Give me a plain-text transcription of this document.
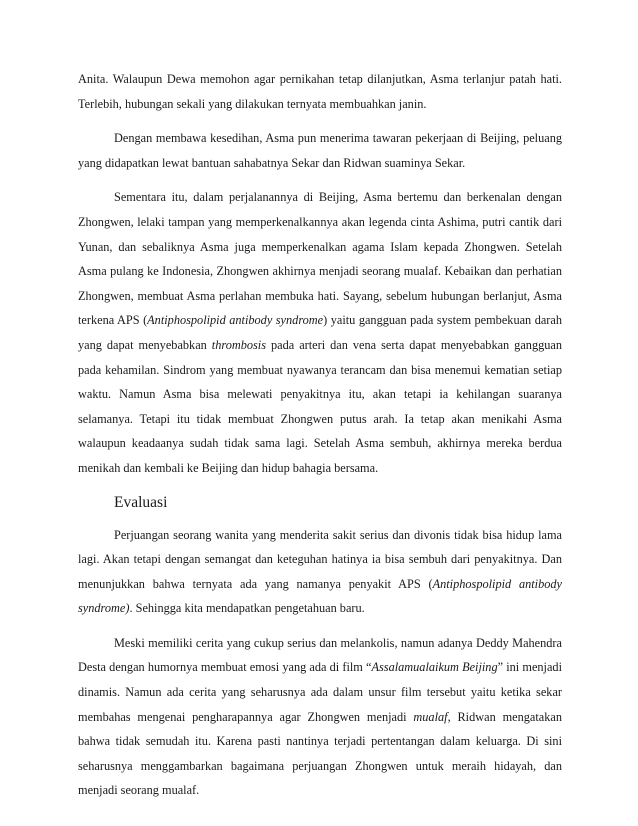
Anita. Walaupun Dewa memohon agar pernikahan tetap dilanjutkan, Asma terlanjur patah hati. Terlebih, hubungan sekali yang dilakukan ternyata membuahkan janin.

Dengan membawa kesedihan, Asma pun menerima tawaran pekerjaan di Beijing, peluang yang didapatkan lewat bantuan sahabatnya Sekar dan Ridwan suaminya Sekar.

Sementara itu, dalam perjalanannya di Beijing, Asma bertemu dan berkenalan dengan Zhongwen, lelaki tampan yang memperkenalkannya akan legenda cinta Ashima, putri cantik dari Yunan, dan sebaliknya Asma juga memperkenalkan agama Islam kepada Zhongwen. Setelah Asma pulang ke Indonesia, Zhongwen akhirnya menjadi seorang mualaf. Kebaikan dan perhatian Zhongwen, membuat Asma perlahan membuka hati. Sayang, sebelum hubungan berlanjut, Asma terkena APS (Antiphospolipid antibody syndrome) yaitu gangguan pada system pembekuan darah yang dapat menyebabkan thrombosis pada arteri dan vena serta dapat menyebabkan gangguan pada kehamilan. Sindrom yang membuat nyawanya terancam dan bisa menemui kematian setiap waktu. Namun Asma bisa melewati penyakitnya itu, akan tetapi ia kehilangan suaranya selamanya. Tetapi itu tidak membuat Zhongwen putus arah. Ia tetap akan menikahi Asma walaupun keadaanya sudah tidak sama lagi. Setelah Asma sembuh, akhirnya mereka berdua menikah dan kembali ke Beijing dan hidup bahagia bersama.

Evaluasi

Perjuangan seorang wanita yang menderita sakit serius dan divonis tidak bisa hidup lama lagi. Akan tetapi dengan semangat dan keteguhan hatinya ia bisa sembuh dari penyakitnya. Dan menunjukkan bahwa ternyata ada yang namanya penyakit APS (Antiphospolipid antibody syndrome). Sehingga kita mendapatkan pengetahuan baru.

Meski memiliki cerita yang cukup serius dan melankolis, namun adanya Deddy Mahendra Desta dengan humornya membuat emosi yang ada di film “Assalamualaikum Beijing” ini menjadi dinamis. Namun ada cerita yang seharusnya ada dalam unsur film tersebut yaitu ketika sekar membahas mengenai pengharapannya agar Zhongwen menjadi mualaf, Ridwan mengatakan bahwa tidak semudah itu. Karena pasti nantinya terjadi pertentangan dalam keluarga. Di sini seharusnya menggambarkan bagaimana perjuangan Zhongwen untuk meraih hidayah, dan menjadi seorang mualaf.
